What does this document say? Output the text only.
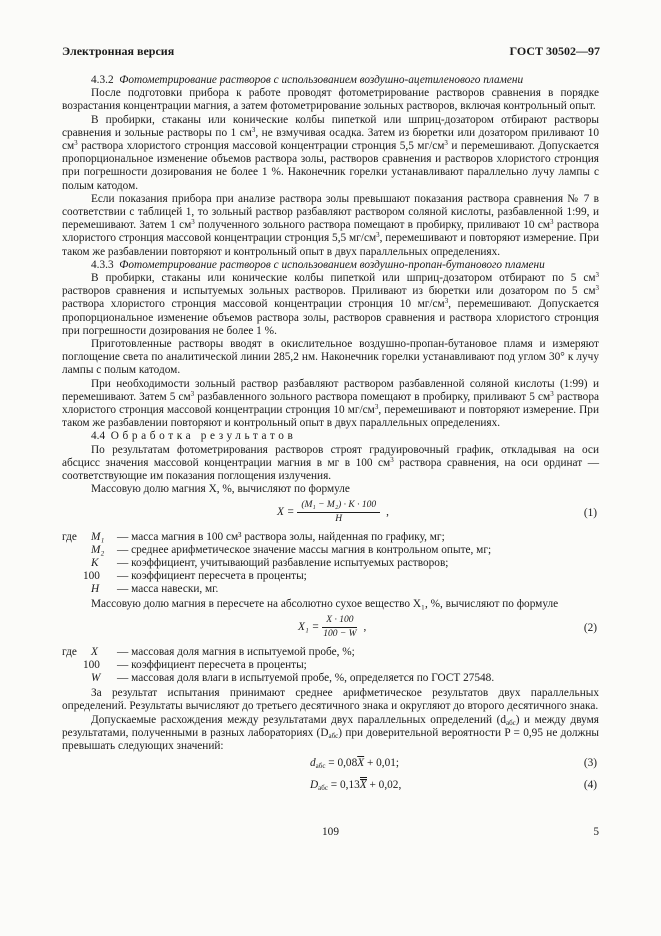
Электронная версия	ГОСТ 30502—97
4.3.2 Фотометрирование растворов с использованием воздушно-ацетиленового пламени

После подготовки прибора к работе проводят фотометрирование растворов сравнения в порядке возрастания концентрации магния, а затем фотометрирование зольных растворов, включая контрольный опыт.

В пробирки, стаканы или конические колбы пипеткой или шприц-дозатором отбирают растворы сравнения и зольные растворы по 1 $см^3$, не взмучивая осадка. Затем из бюретки или дозатором приливают 10 $см^3$ раствора хлористого стронция массовой концентрации стронция 5,5 $мг/см^3$ и перемешивают. Допускается пропорциональное изменение объемов раствора золы, растворов сравнения и растворов хлористого стронция при погрешности дозирования не более 1 %. Наконечник горелки устанавливают параллельно лучу лампы с полым катодом.

Если показания прибора при анализе раствора золы превышают показания раствора сравнения № 7 в соответствии с таблицей 1, то зольный раствор разбавляют раствором соляной кислоты, разбавленной 1:99, и перемешивают. Затем 1 $см^3$ полученного зольного раствора помещают в пробирку, приливают 10 $см^3$ раствора хлористого стронция массовой концентрации стронция 5,5 $мг/см^3$, перемешивают и повторяют измерение. При таком же разбавлении повторяют и контрольный опыт в двух параллельных определениях.

4.3.3 Фотометрирование растворов с использованием воздушно-пропан-бутанового пламени

В пробирки, стаканы или конические колбы пипеткой или шприц-дозатором отбирают по 5 $см^3$ растворов сравнения и испытуемых зольных растворов. Приливают из бюретки или дозатором по 5 $см^3$ раствора хлористого стронция массовой концентрации стронция 10 $мг/см^3$, перемешивают. Допускается пропорциональное изменение объемов раствора золы, растворов сравнения и раствора хлористого стронция при погрешности дозирования не более 1 %.

Приготовленные растворы вводят в окислительное воздушно-пропан-бутановое пламя и измеряют поглощение света по аналитической линии 285,2 нм. Наконечник горелки устанавливают под углом 30° к лучу лампы с полым катодом.

При необходимости зольный раствор разбавляют раствором разбавленной соляной кислоты (1:99) и перемешивают. Затем 5 $см^3$ разбавленного зольного раствора помещают в пробирку, приливают 5 $см^3$ раствора хлористого стронция массовой концентрации стронция 10 $мг/см^3$, перемешивают и повторяют измерение. При таком же разбавлении повторяют и контрольный опыт в двух параллельных определениях.

4.4 Обработка результатов

По результатам фотометрирования растворов строят градуировочный график, откладывая на оси абсцисс значения массовой концентрации магния в мг в 100 $см^3$ раствора сравнения, на оси ординат — соответствующие им показания поглощения излучения.

Массовую долю магния X, %, вычисляют по формуле

$X = \frac{\text{(M₁ − M₂) · K · 100}}{H}$ ,	(1)
где	M₁	— масса магния в 100 см³ раствора золы, найденная по графику, мг;
M₂	— среднее арифметическое значение массы магния в контрольном опыте, мг;
K	— коэффициент, учитывающий разбавление испытуемых растворов;
100	— коэффициент пересчета в проценты;
H	— масса навески, мг.

Массовую долю магния в пересчете на абсолютно сухое вещество X₁, %, вычисляют по формуле

$X_1 = \frac{X \cdot 100}{100 - W}$ ,	(2)
где	X	— массовая доля магния в испытуемой пробе, %;
100	— коэффициент пересчета в проценты;
W	— массовая доля влаги в испытуемой пробе, %, определяется по ГОСТ 27548.

За результат испытания принимают среднее арифметическое результатов двух параллельных определений. Результаты вычисляют до третьего десятичного знака и округляют до второго десятичного знака.

Допускаемые расхождения между результатами двух параллельных определений $(d_{абс})$ и между двумя результатами, полученными в разных лабораториях $(D_{абс})$ при доверительной вероятности P = 0,95 не должны превышать следующих значений:

$d_{абс} = 0,08\overline{X} + 0,01$;	(3)
$D_{абс} = 0,13X + 0,02$,	(4)
109	5
